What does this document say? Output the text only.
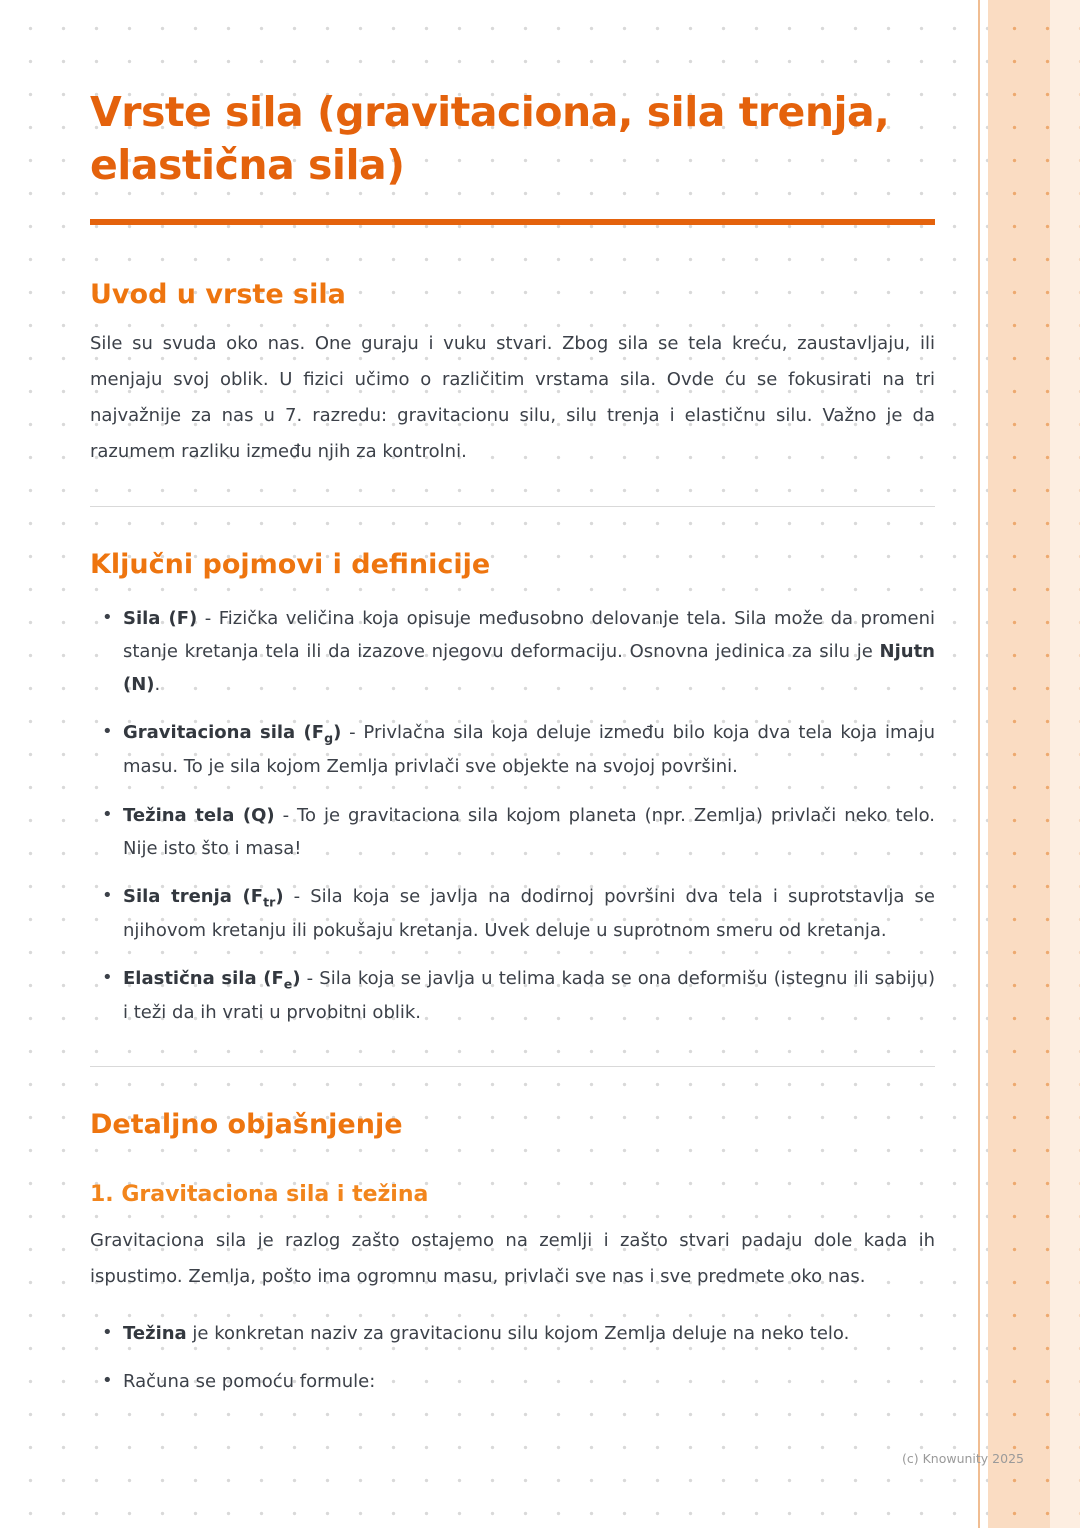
Vrste sila (gravitaciona, sila trenja, elastična sila)
Uvod u vrste sila

Sile su svuda oko nas. One guraju i vuku stvari. Zbog sila se tela kreću, zaustavljaju, ili menjaju svoj oblik. U fizici učimo o različitim vrstama sila. Ovde ću se fokusirati na tri najvažnije za nas u 7. razredu: gravitacionu silu, silu trenja i elastičnu silu. Važno je da razumem razliku između njih za kontrolni.

Ključni pojmovi i definicije
• Sila (F) - Fizička veličina koja opisuje međusobno delovanje tela. Sila može da promeni stanje kretanja tela ili da izazove njegovu deformaciju. Osnovna jedinica za silu je Njutn (N).
• Gravitaciona sila $(F_g)$ - Privlačna sila koja deluje između bilo koja dva tela koja imaju masu. To je sila kojom Zemlja privlači sve objekte na svojoj površini.
• Težina tela (Q) - To je gravitaciona sila kojom planeta (npr. Zemlja) privlači neko telo. Nije isto što i masa!
• Sila trenja $(F_{tr})$ - Sila koja se javlja na dodirnoj površini dva tela i suprotstavlja se njihovom kretanju ili pokušaju kretanja. Uvek deluje u suprotnom smeru od kretanja.
• Elastična sila $(F_e)$ - Sila koja se javlja u telima kada se ona deformišu (istegnu ili sabiju) i teži da ih vrati u prvobitni oblik.
Detaljno objašnjenje
1. Gravitaciona sila i težina

Gravitaciona sila je razlog zašto ostajemo na zemlji i zašto stvari padaju dole kada ih ispustimo. Zemlja, pošto ima ogromnu masu, privlači sve nas i sve predmete oko nas.

• Težina je konkretan naziv za gravitacionu silu kojom Zemlja deluje na neko telo.
• Računa se pomoću formule:
(c) Knowunity 2025
